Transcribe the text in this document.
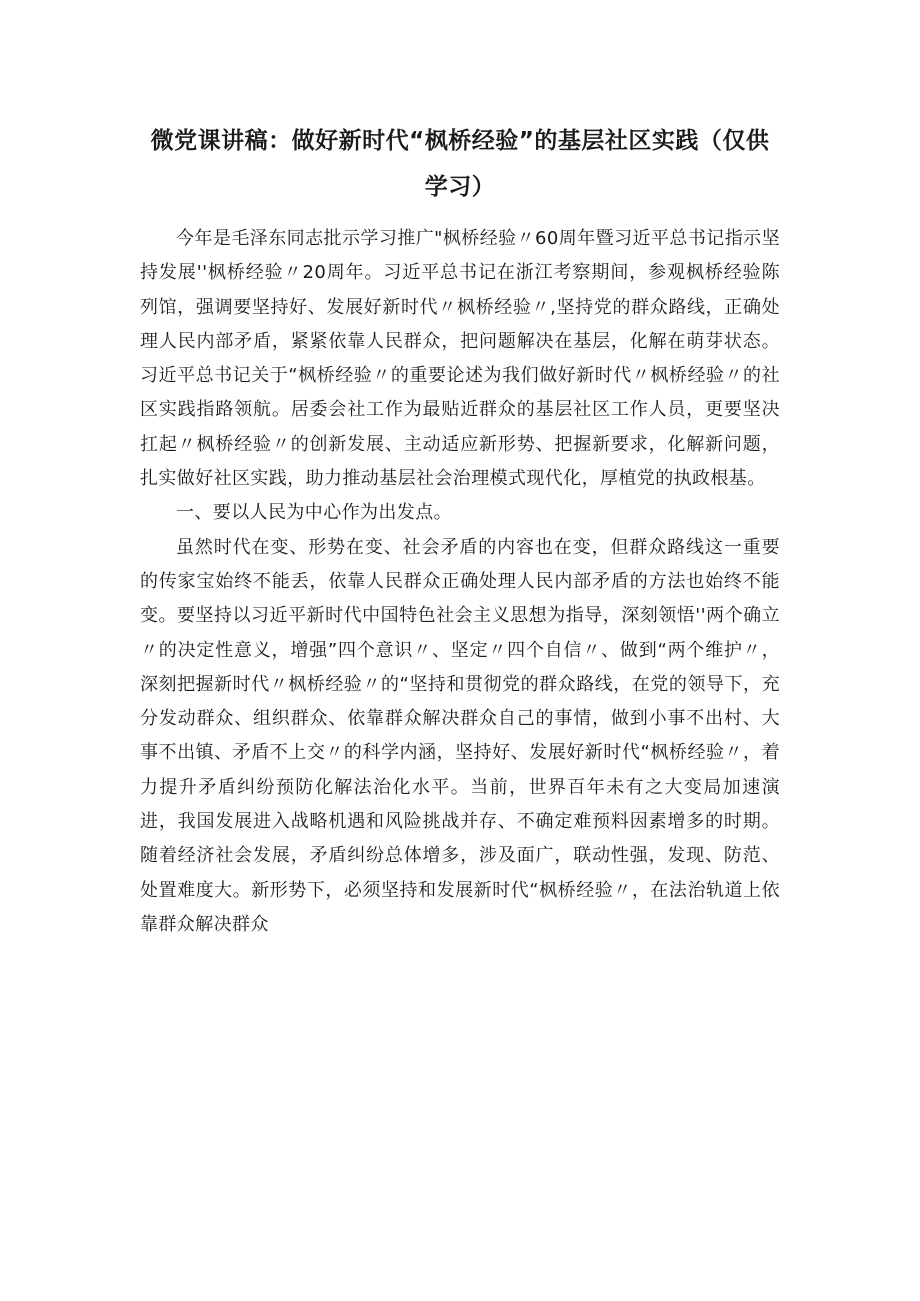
微党课讲稿：做好新时代“枫桥经验”的基层社区实践（仅供学习）

今年是毛泽东同志批示学习推广"枫桥经验〃60周年暨习近平总书记指示坚持发展''枫桥经验〃20周年。习近平总书记在浙江考察期间，参观枫桥经验陈列馆，强调要坚持好、发展好新时代〃枫桥经验〃,坚持党的群众路线，正确处理人民内部矛盾，紧紧依靠人民群众，把问题解决在基层，化解在萌芽状态。习近平总书记关于“枫桥经验〃的重要论述为我们做好新时代〃枫桥经验〃的社区实践指路领航。居委会社工作为最贴近群众的基层社区工作人员，更要坚决扛起〃枫桥经验〃的创新发展、主动适应新形势、把握新要求，化解新问题，扎实做好社区实践，助力推动基层社会治理模式现代化，厚植党的执政根基。

一、要以人民为中心作为出发点。

虽然时代在变、形势在变、社会矛盾的内容也在变，但群众路线这一重要的传家宝始终不能丢，依靠人民群众正确处理人民内部矛盾的方法也始终不能变。要坚持以习近平新时代中国特色社会主义思想为指导，深刻领悟''两个确立〃的决定性意义，增强”四个意识〃、坚定〃四个自信〃、做到“两个维护〃，深刻把握新时代〃枫桥经验〃的“坚持和贯彻党的群众路线，在党的领导下，充分发动群众、组织群众、依靠群众解决群众自己的事情，做到小事不出村、大事不出镇、矛盾不上交〃的科学内涵，坚持好、发展好新时代“枫桥经验〃，着力提升矛盾纠纷预防化解法治化水平。当前，世界百年未有之大变局加速演进，我国发展进入战略机遇和风险挑战并存、不确定难预料因素增多的时期。随着经济社会发展，矛盾纠纷总体增多，涉及面广，联动性强，发现、防范、处置难度大。新形势下，必须坚持和发展新时代“枫桥经验〃，在法治轨道上依靠群众解决群众
